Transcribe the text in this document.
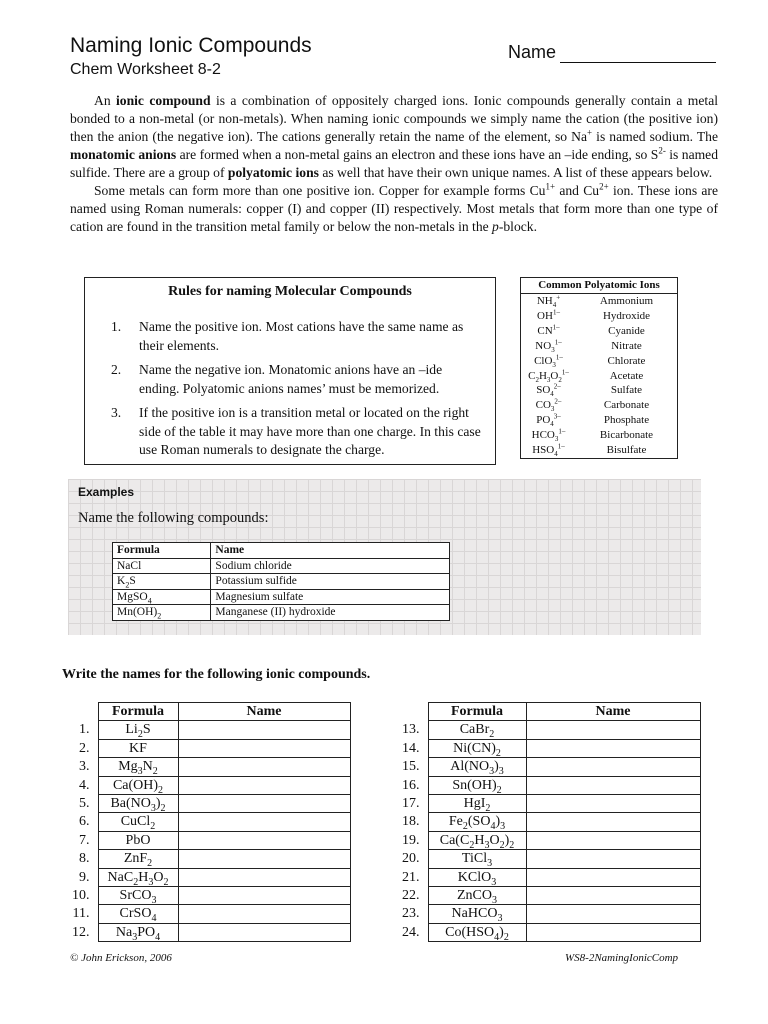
Naming Ionic Compounds
Chem Worksheet 8-2
Name

An ionic compound is a combination of oppositely charged ions. Ionic compounds generally contain a metal bonded to a non-metal (or non-metals). When naming ionic compounds we simply name the cation (the positive ion) then the anion (the negative ion). The cations generally retain the name of the element, so Na+ is named sodium. The monatomic anions are formed when a non-metal gains an electron and these ions have an –ide ending, so $S^{2-}$ is named sulfide. There are a group of polyatomic ions as well that have their own unique names. A list of these appears below.

Some metals can form more than one positive ion. Copper for example forms $Cu^{1+}$ and $Cu^{2+}$ ion. These ions are named using Roman numerals: copper (I) and copper (II) respectively. Most metals that form more than one type of cation are found in the transition metal family or below the non-metals in the p-block.

Rules for naming Molecular Compounds
1. Name the positive ion. Most cations have the same name as their elements.
2. Name the negative ion. Monatomic anions have an –ide ending. Polyatomic anions names’ must be memorized.
3. If the positive ion is a transition metal or located on the right side of the table it may have more than one charge. In this case use Roman numerals to designate the charge.
Common Polyatomic Ions	
$NH_4^+$	Ammonium
$OH^{1-}$	Hydroxide
$CN^{1-}$	Cyanide
$NO_3^{1-}$	Nitrate
ClO$_3^{1-}$	Chlorate
$C_2H_3O_2^{1-}$	Acetate
$SO_4^{2-}$	Sulfate
$CO_3^{2-}$	Carbonate
$PO_4^{3-}$	Phosphate
$HCO_3^{1-}$	Bicarbonate
$HSO_4^{1-}$	Bisulfate
Examples
Name the following compounds:
Formula	Name
NaCl	Sodium chloride
$K_2S$	Potassium sulfide
MgSO$_4$	Magnesium sulfate
$Mn(OH)_2$	Manganese (II) hydroxide
Write the names for the following ionic compounds.
	Formula	Name
1.	$Li_2S$	
2.	KF	
3.	$Mg_3N_2$	
4.	$Ca(OH)_2$	
5.	$Ba(NO_3)_2$	
6.	CuCl$_2$	
7.	PbO	
8.	ZnF$_2$	
9.	$NaC_2H_3O_2$	
10.	SrCO$_3$	
11.	CrSO$_4$	
12.	$Na_3PO_4$	
	Formula	Name
13.	CaBr$_2$	
14.	$Ni(CN)_2$	
15.	$Al(NO_3)_3$	
16.	$Sn(OH)_2$	
17.	HgI$_2$	
18.	$Fe_2(SO_4)_3$	
19.	$Ca(C_2H_3O_2)_2$	
20.	TiCl$_3$	
21.	KClO$_3$	
22.	ZnCO$_3$	
23.	NaHCO$_3$	
24.	$Co(HSO_4)_2$	
© John Erickson, 2006	WS8-2NamingIonicComp
